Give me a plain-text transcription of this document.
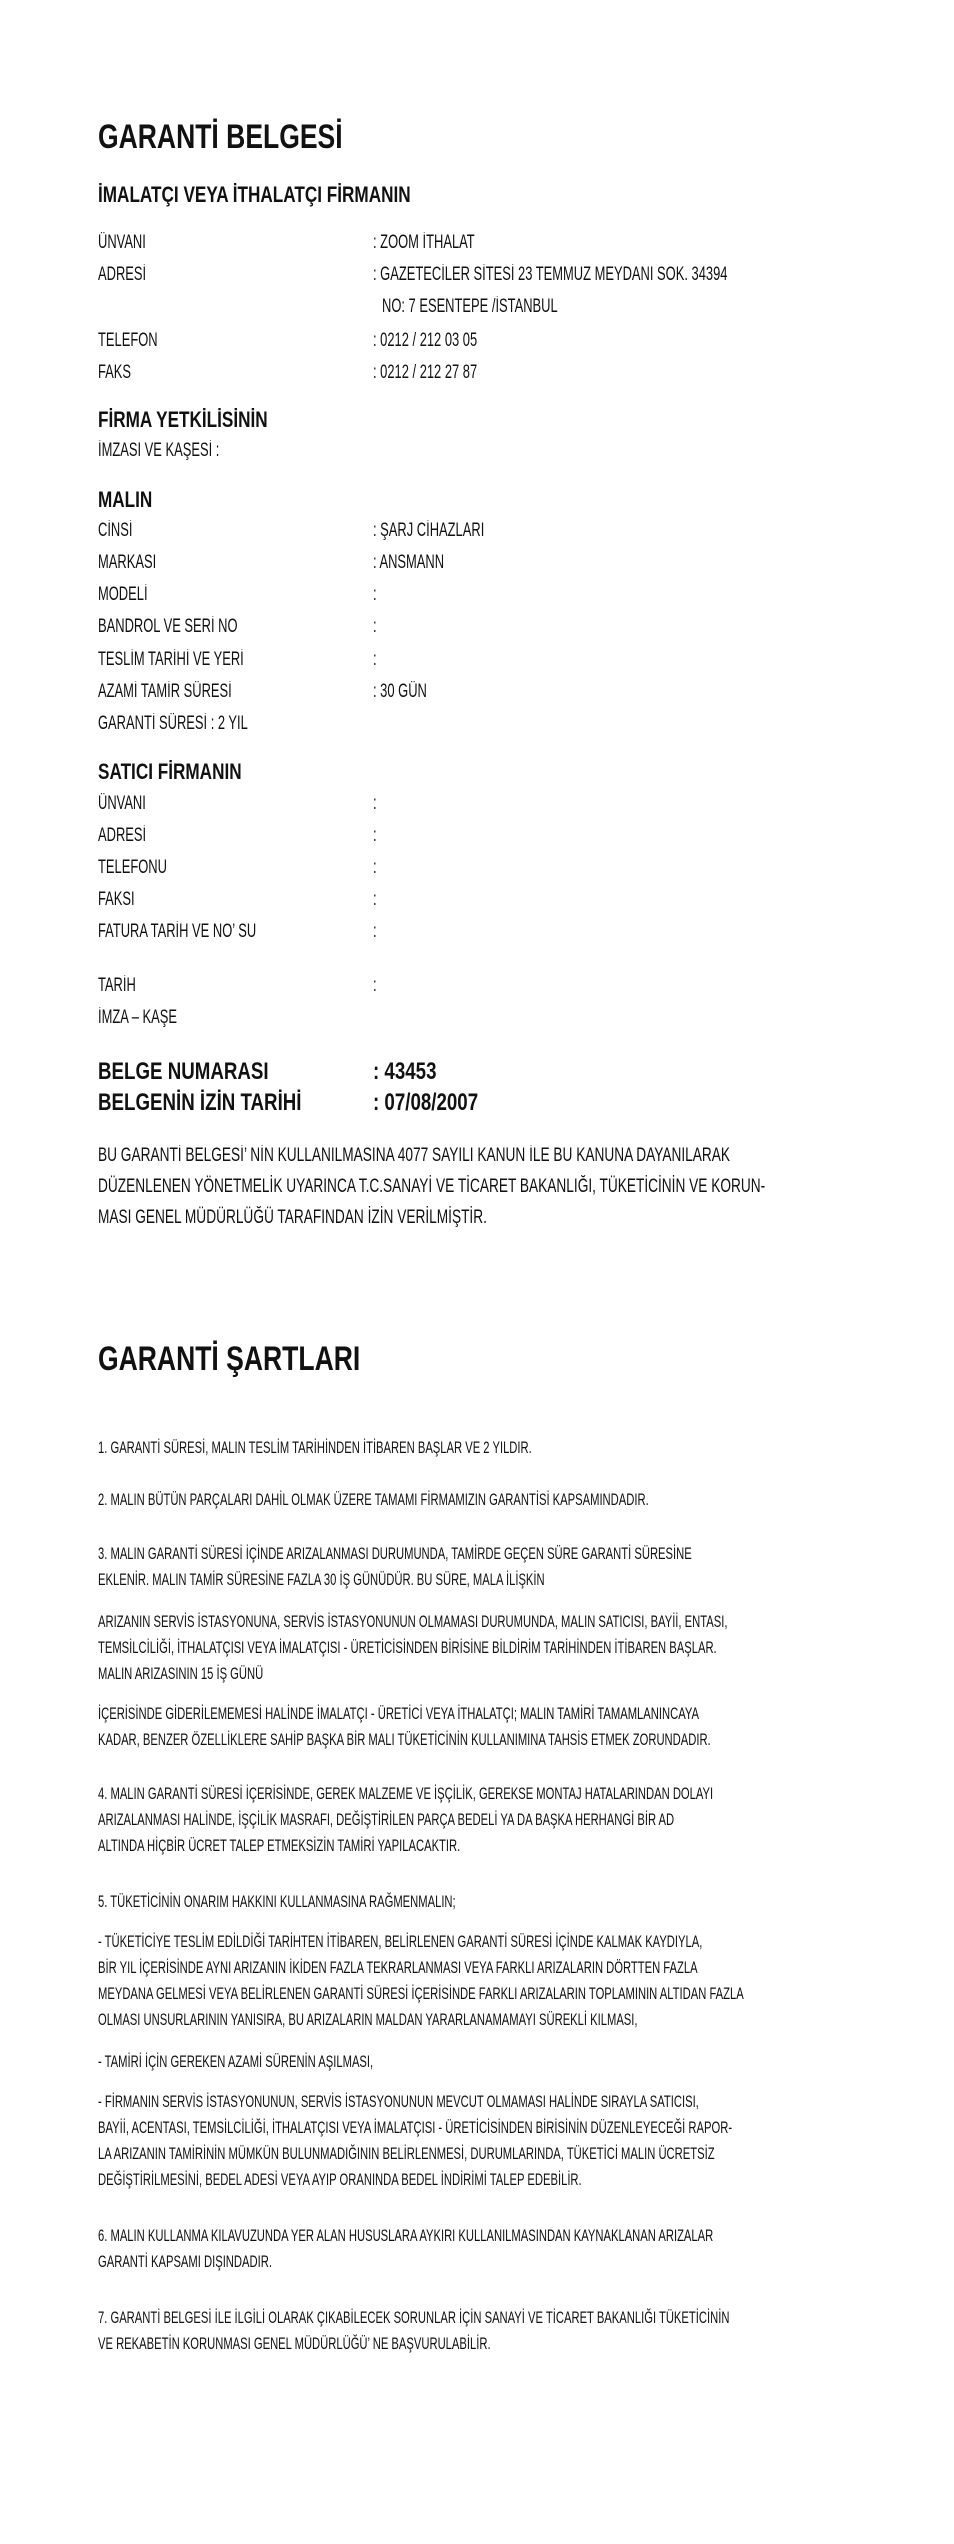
GARANTİ BELGESİ
İMALATÇI VEYA İTHALATÇI FİRMANIN
ÜNVANI	: ZOOM İTHALAT
ADRESİ	: GAZETECİLER SİTESİ 23 TEMMUZ MEYDANI SOK. 34394
NO: 7 ESENTEPE /İSTANBUL
TELEFON	: 0212 / 212 03 05
FAKS	: 0212 / 212 27 87
FİRMA YETKİLİSİNİN
İMZASI VE KAŞESİ :
MALIN
CİNSİ	: ŞARJ CİHAZLARI
MARKASI	: ANSMANN
MODELİ	:
BANDROL VE SERİ NO	:
TESLİM TARİHİ VE YERİ	:
AZAMİ TAMİR SÜRESİ	: 30 GÜN
GARANTİ SÜRESİ : 2 YIL
SATICI FİRMANIN
ÜNVANI	:
ADRESİ	:
TELEFONU	:
FAKSI	:
FATURA TARİH VE NO’ SU	:
TARİH	:
İMZA – KAŞE
BELGE NUMARASI	: 43453
BELGENİN İZİN TARİHİ	: 07/08/2007
BU GARANTİ BELGESİ’ NİN KULLANILMASINA 4077 SAYILI KANUN İLE BU KANUNA DAYANILARAK
DÜZENLENEN YÖNETMELİK UYARINCA T.C.SANAYİ VE TİCARET BAKANLIĞI, TÜKETİCİNİN VE KORUN-
MASI GENEL MÜDÜRLÜĞÜ TARAFINDAN İZİN VERİLMİŞTİR.
GARANTİ ŞARTLARI
1. GARANTİ SÜRESİ, MALIN TESLİM TARİHİNDEN İTİBAREN BAŞLAR VE 2 YILDIR.
2. MALIN BÜTÜN PARÇALARI DAHİL OLMAK ÜZERE TAMAMI FİRMAMIZIN GARANTİSİ KAPSAMINDADIR.
3. MALIN GARANTİ SÜRESİ İÇİNDE ARIZALANMASI DURUMUNDA, TAMİRDE GEÇEN SÜRE GARANTİ SÜRESİNE
EKLENİR. MALIN TAMİR SÜRESİNE FAZLA 30 İŞ GÜNÜDÜR. BU SÜRE, MALA İLİŞKİN
ARIZANIN SERVİS İSTASYONUNA, SERVİS İSTASYONUNUN OLMAMASI DURUMUNDA, MALIN SATICISI, BAYİİ, ENTASI,
TEMSİLCİLİĞİ, İTHALATÇISI VEYA İMALATÇISI - ÜRETİCİSİNDEN BİRİSİNE BİLDİRİM TARİHİNDEN İTİBAREN BAŞLAR.
MALIN ARIZASININ 15 İŞ GÜNÜ
İÇERİSİNDE GİDERİLEMEMESİ HALİNDE İMALATÇI - ÜRETİCİ VEYA İTHALATÇI; MALIN TAMİRİ TAMAMLANINCAYA
KADAR, BENZER ÖZELLİKLERE SAHİP BAŞKA BİR MALI TÜKETİCİNİN KULLANIMINA TAHSİS ETMEK ZORUNDADIR.
4. MALIN GARANTİ SÜRESİ İÇERİSİNDE, GEREK MALZEME VE İŞÇİLİK, GEREKSE MONTAJ HATALARINDAN DOLAYI
ARIZALANMASI HALİNDE, İŞÇİLİK MASRAFI, DEĞİŞTİRİLEN PARÇA BEDELİ YA DA BAŞKA HERHANGİ BİR AD
ALTINDA HİÇBİR ÜCRET TALEP ETMEKSİZİN TAMİRİ YAPILACAKTIR.
5. TÜKETİCİNİN ONARIM HAKKINI KULLANMASINA RAĞMENMALIN;
- TÜKETİCİYE TESLİM EDİLDİĞİ TARİHTEN İTİBAREN, BELİRLENEN GARANTİ SÜRESİ İÇİNDE KALMAK KAYDIYLA,
BİR YIL İÇERİSİNDE AYNI ARIZANIN İKİDEN FAZLA TEKRARLANMASI VEYA FARKLI ARIZALARIN DÖRTTEN FAZLA
MEYDANA GELMESİ VEYA BELİRLENEN GARANTİ SÜRESİ İÇERİSİNDE FARKLI ARIZALARIN TOPLAMININ ALTIDAN FAZLA
OLMASI UNSURLARININ YANISIRA, BU ARIZALARIN MALDAN YARARLANAMAMAYI SÜREKLİ KILMASI,
- TAMİRİ İÇİN GEREKEN AZAMİ SÜRENİN AŞILMASI,
- FİRMANIN SERVİS İSTASYONUNUN, SERVİS İSTASYONUNUN MEVCUT OLMAMASI HALİNDE SIRAYLA SATICISI,
BAYİİ, ACENTASI, TEMSİLCİLİĞİ, İTHALATÇISI VEYA İMALATÇISI - ÜRETİCİSİNDEN BİRİSİNİN DÜZENLEYECEĞİ RAPOR-
LA ARIZANIN TAMİRİNİN MÜMKÜN BULUNMADIĞININ BELİRLENMESİ, DURUMLARINDA, TÜKETİCİ MALIN ÜCRETSİZ
DEĞİŞTİRİLMESİNİ, BEDEL ADESİ VEYA AYIP ORANINDA BEDEL İNDİRİMİ TALEP EDEBİLİR.
6. MALIN KULLANMA KILAVUZUNDA YER ALAN HUSUSLARA AYKIRI KULLANILMASINDAN KAYNAKLANAN ARIZALAR
GARANTİ KAPSAMI DIŞINDADIR.
7. GARANTİ BELGESİ İLE İLGİLİ OLARAK ÇIKABİLECEK SORUNLAR İÇİN SANAYİ VE TİCARET BAKANLIĞI TÜKETİCİNİN
VE REKABETİN KORUNMASI GENEL MÜDÜRLÜĞÜ’ NE BAŞVURULABİLİR.
